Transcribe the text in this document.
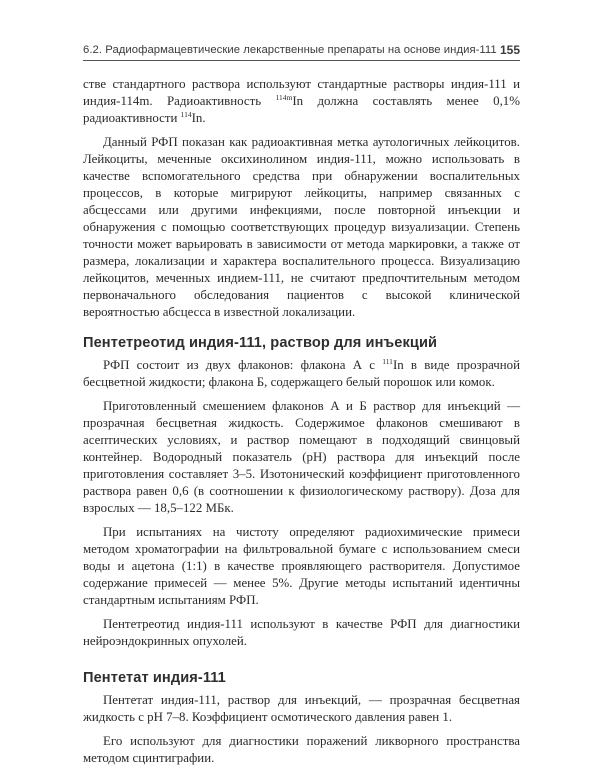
6.2. Радиофармацевтические лекарственные препараты на основе индия-111 155

стве стандартного раствора используют стандартные растворы индия-111 и индия-114m. Радиоактивность $^{114m}$In должна составлять менее 0,1% радиоактивности $^{114}$In.

Данный РФП показан как радиоактивная метка аутологичных лейкоцитов. Лейкоциты, меченные оксихинолином индия-111, можно использовать в качестве вспомогательного средства при обнаружении воспалительных процессов, в которые мигрируют лейкоциты, например связанных с абсцессами или другими инфекциями, после повторной инъекции и обнаружения с помощью соответствующих процедур визуализации. Степень точности может варьировать в зависимости от метода маркировки, а также от размера, локализации и характера воспалительного процесса. Визуализацию лейкоцитов, меченных индием-111, не считают предпочтительным методом первоначального обследования пациентов с высокой клинической вероятностью абсцесса в известной локализации.

Пентетреотид индия-111, раствор для инъекций

РФП состоит из двух флаконов: флакона А с $^{111}$In в виде прозрачной бесцветной жидкости; флакона Б, содержащего белый порошок или комок.

Приготовленный смешением флаконов А и Б раствор для инъекций — прозрачная бесцветная жидкость. Содержимое флаконов смешивают в асептических условиях, и раствор помещают в подходящий свинцовый контейнер. Водородный показатель (pH) раствора для инъекций после приготовления составляет 3–5. Изотонический коэффициент приготовленного раствора равен 0,6 (в соотношении к физиологическому раствору). Доза для взрослых — 18,5–122 МБк.

При испытаниях на чистоту определяют радиохимические примеси методом хроматографии на фильтровальной бумаге с использованием смеси воды и ацетона (1:1) в качестве проявляющего растворителя. Допустимое содержание примесей — менее 5%. Другие методы испытаний идентичны стандартным испытаниям РФП.

Пентетреотид индия-111 используют в качестве РФП для диагностики нейроэндокринных опухолей.

Пентетат индия-111

Пентетат индия-111, раствор для инъекций, — прозрачная бесцветная жидкость с pH 7–8. Коэффициент осмотического давления равен 1.

Его используют для диагностики поражений ликворного пространства методом сцинтиграфии.
